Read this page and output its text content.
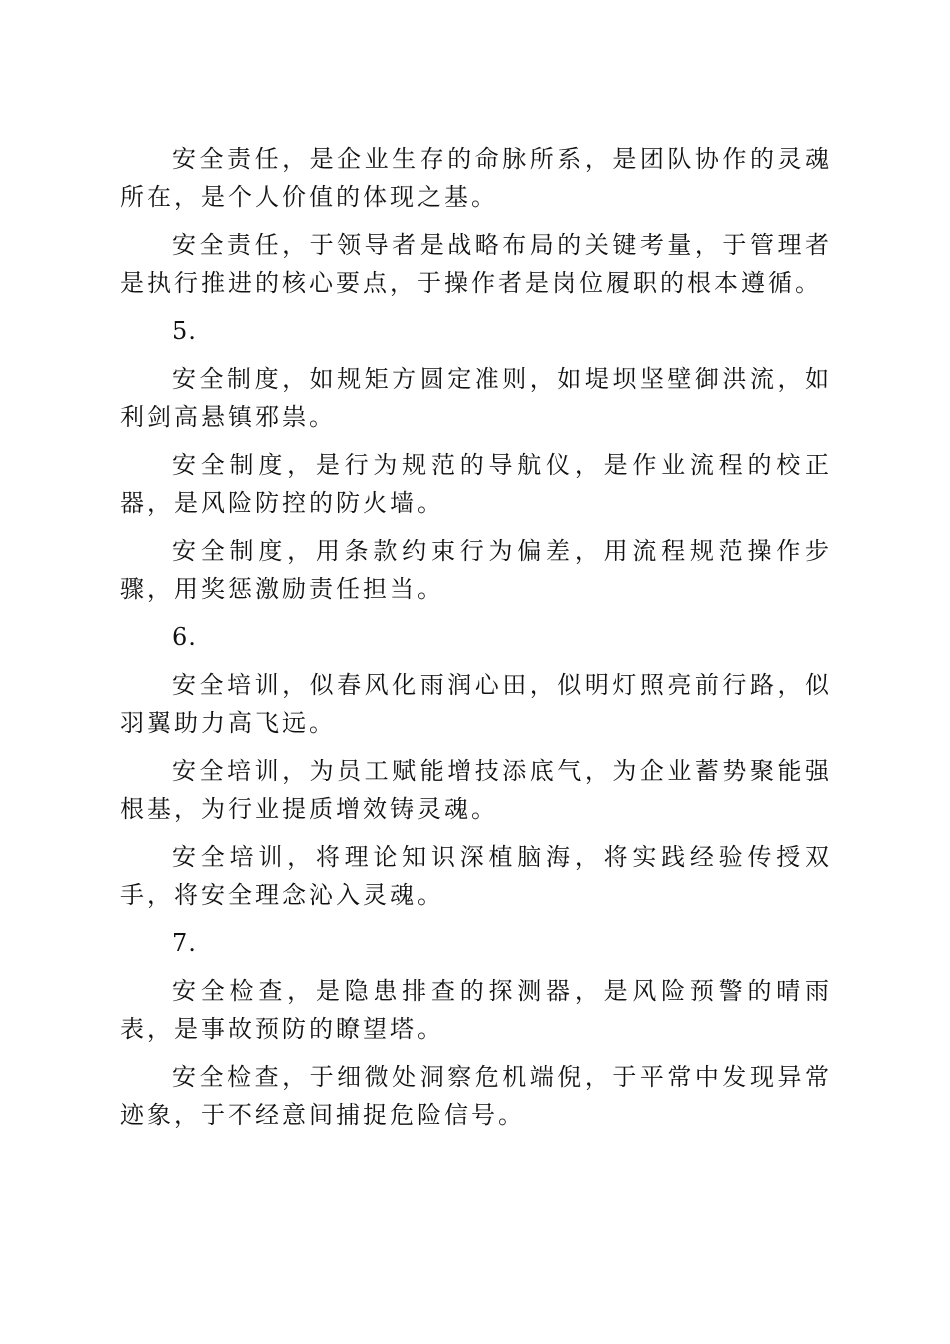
安全责任，是企业生存的命脉所系，是团队协作的灵魂所在，是个人价值的体现之基。

安全责任，于领导者是战略布局的关键考量，于管理者是执行推进的核心要点，于操作者是岗位履职的根本遵循。

5.

安全制度，如规矩方圆定准则，如堤坝坚壁御洪流，如利剑高悬镇邪祟。

安全制度，是行为规范的导航仪，是作业流程的校正器，是风险防控的防火墙。

安全制度，用条款约束行为偏差，用流程规范操作步骤，用奖惩激励责任担当。

6.

安全培训，似春风化雨润心田，似明灯照亮前行路，似羽翼助力高飞远。

安全培训，为员工赋能增技添底气，为企业蓄势聚能强根基，为行业提质增效铸灵魂。

安全培训，将理论知识深植脑海，将实践经验传授双手，将安全理念沁入灵魂。

7.

安全检查，是隐患排查的探测器，是风险预警的晴雨表，是事故预防的瞭望塔。

安全检查，于细微处洞察危机端倪，于平常中发现异常迹象，于不经意间捕捉危险信号。
